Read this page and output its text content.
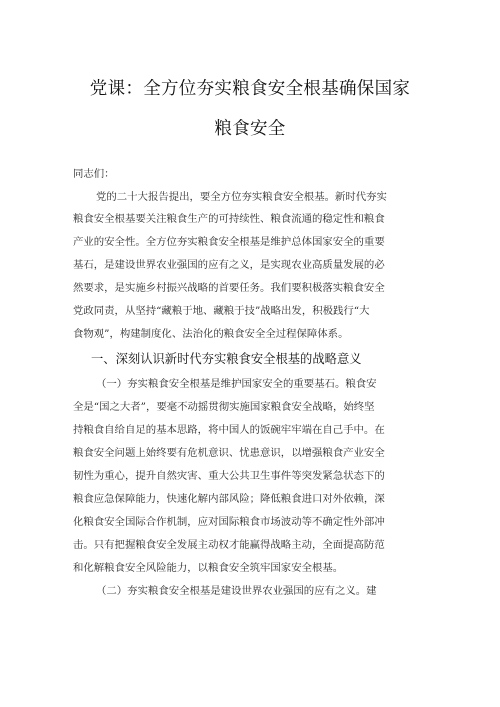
党课：全方位夯实粮食安全根基确保国家
粮食安全
同志们：
党的二十大报告提出，要全方位夯实粮食安全根基。新时代夯实
粮食安全根基要关注粮食生产的可持续性、粮食流通的稳定性和粮食
产业的安全性。全方位夯实粮食安全根基是维护总体国家安全的重要
基石，是建设世界农业强国的应有之义，是实现农业高质量发展的必
然要求，是实施乡村振兴战略的首要任务。我们要积极落实粮食安全
党政同责，从坚持“藏粮于地、藏粮于技”战略出发，积极践行“大
食物观”，构建制度化、法治化的粮食安全全过程保障体系。
一、深刻认识新时代夯实粮食安全根基的战略意义
（一）夯实粮食安全根基是维护国家安全的重要基石。粮食安
全是“国之大者”，要毫不动摇贯彻实施国家粮食安全战略，始终坚
持粮食自给自足的基本思路，将中国人的饭碗牢牢端在自己手中。在
粮食安全问题上始终要有危机意识、忧患意识，以增强粮食产业安全
韧性为重心，提升自然灾害、重大公共卫生事件等突发紧急状态下的
粮食应急保障能力，快速化解内部风险；降低粮食进口对外依赖，深
化粮食安全国际合作机制，应对国际粮食市场波动等不确定性外部冲
击。只有把握粮食安全发展主动权才能赢得战略主动，全面提高防范
和化解粮食安全风险能力，以粮食安全筑牢国家安全根基。
（二）夯实粮食安全根基是建设世界农业强国的应有之义。建
